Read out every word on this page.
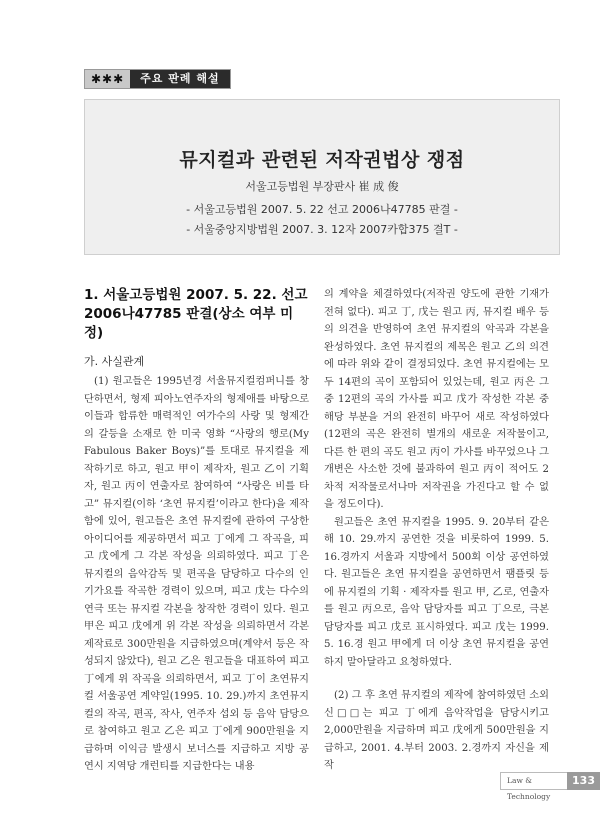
✱✱✱	주요 판례 해설
뮤지컬과 관련된 저작권법상 쟁점
서울고등법원 부장판사 崔 成 俊
- 서울고등법원 2007. 5. 22 선고 2006나47785 판결 -
- 서울중앙지방법원 2007. 3. 12자 2007카합375 결T -
1. 서울고등법원 2007. 5. 22. 선고 2006나47785 판결(상소 여부 미정)
가. 사실관계

(1) 원고들은 1995년경 서울뮤지컬컴퍼니를 창단하면서, 형제 피아노연주자의 형제애를 바탕으로 이들과 합류한 매력적인 여가수의 사랑 및 형제간의 갈등을 소재로 한 미국 영화 “사랑의 행로(My Fabulous Baker Boys)”를 토대로 뮤지컬을 제작하기로 하고, 원고 甲이 제작자, 원고 乙이 기획자, 원고 丙이 연출자로 참여하여 “사랑은 비를 타고” 뮤지컬(이하 ‘초연 뮤지컬’이라고 한다)을 제작함에 있어, 원고들은 초연 뮤지컬에 관하여 구상한 아이디어를 제공하면서 피고 丁에게 그 작곡을, 피고 戊에게 그 각본 작성을 의뢰하였다. 피고 丁은 뮤지컬의 음악감독 및 편곡을 담당하고 다수의 인기가요를 작곡한 경력이 있으며, 피고 戊는 다수의 연극 또는 뮤지컬 각본을 창작한 경력이 있다. 원고 甲은 피고 戊에게 위 각본 작성을 의뢰하면서 각본 제작료로 300만원을 지급하였으며(계약서 등은 작성되지 않았다), 원고 乙은 원고들을 대표하여 피고 丁에게 위 작곡을 의뢰하면서, 피고 丁이 초연뮤지컬 서울공연 계약일(1995. 10. 29.)까지 초연뮤지컬의 작곡, 편곡, 작사, 연주자 섭외 등 음악 담당으로 참여하고 원고 乙은 피고 丁에게 900만원을 지급하며 이익금 발생시 보너스를 지급하고 지방 공연시 지역당 개런티를 지급한다는 내용

의 계약을 체결하였다(저작권 양도에 관한 기재가 전혀 없다). 피고 丁, 戊는 원고 丙, 뮤지컬 배우 등의 의견을 반영하여 초연 뮤지컬의 악곡과 각본을 완성하였다. 초연 뮤지컬의 제목은 원고 乙의 의견에 따라 위와 같이 결정되었다. 초연 뮤지컬에는 모두 14편의 곡이 포함되어 있었는데, 원고 丙은 그 중 12편의 곡의 가사를 피고 戊가 작성한 각본 중 해당 부분을 거의 완전히 바꾸어 새로 작성하였다(12편의 곡은 완전히 별개의 새로운 저작물이고, 다른 한 편의 곡도 원고 丙이 가사를 바꾸었으나 그 개변은 사소한 것에 불과하여 원고 丙이 적어도 2차적 저작물로서나마 저작권을 가진다고 할 수 없을 정도이다).

원고들은 초연 뮤지컬을 1995. 9. 20부터 같은 해 10. 29.까지 공연한 것을 비롯하여 1999. 5. 16.경까지 서울과 지방에서 500회 이상 공연하였다. 원고들은 초연 뮤지컬을 공연하면서 팸플릿 등에 뮤지컬의 기획 · 제작자를 원고 甲, 乙로, 연출자를 원고 丙으로, 음악 담당자를 피고 丁으로, 극본 담당자를 피고 戊로 표시하였다. 피고 戊는 1999. 5. 16.경 원고 甲에게 더 이상 초연 뮤지컬을 공연하지 말아달라고 요청하였다.

(2) 그 후 초연 뮤지컬의 제작에 참여하였던 소외 신□□는 피고 丁에게 음악작업을 담당시키고 2,000만원을 지급하며 피고 戊에게 500만원을 지급하고, 2001. 4.부터 2003. 2.경까지 자신을 제작

Law & Technology
133
